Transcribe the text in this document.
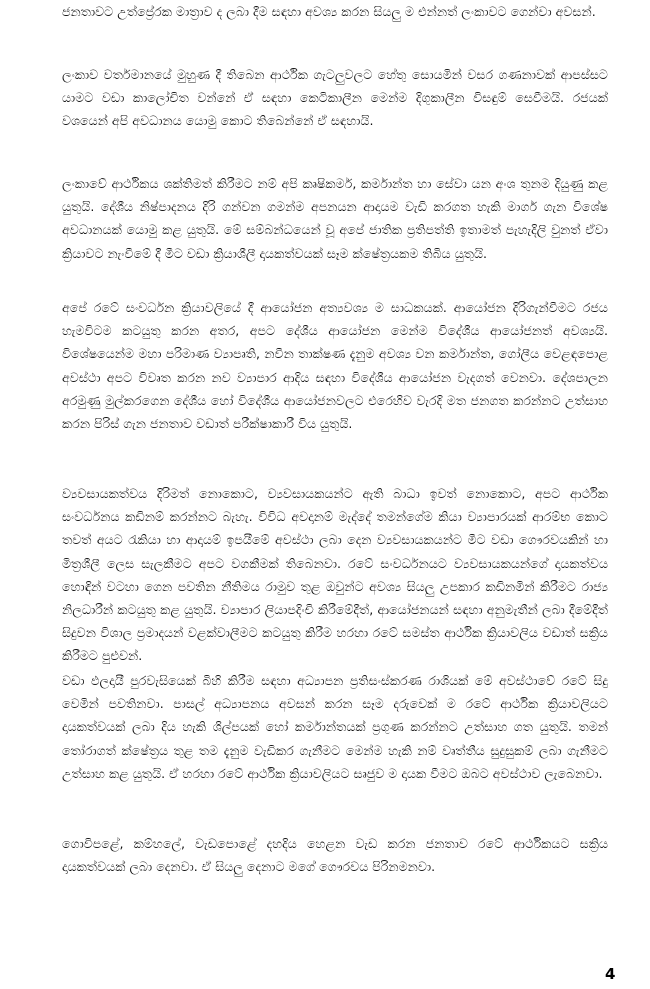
ජනතාවට උත්ප්‍රේරක මාත්‍රාව ද ලබා දීම සඳහා අවශ්‍ය කරන සියලු ම එන්නත් ලංකාවට ගෙන්වා අවසන්.

ලංකාව වර්තමානයේ මුහුණ දී තිබෙන ආර්ථික ගැටලුවලට හේතු සොයමින් වසර ගණනාවක් ආපස්සට යාමට වඩා කාලෝචිත වන්නේ ඒ සඳහා කෙටිකාලීන මෙන්ම දිගුකාලීන විසඳුම් සෙවීමයි. රජයක් වශයෙන් අපි අවධානය යොමු කොට තිබෙන්නේ ඒ සඳහායි.

ලංකාවේ ආර්ථිකය ශක්තිමත් කිරීමට නම් අපි කෘෂිකර්ම, කර්මාන්ත හා සේවා යන අංශ තුනම දියුණු කළ යුතුයි. දේශීය නිෂ්පාදනය දිරි ගන්වන ගමන්ම අපනයන ආදායම වැඩි කරගත හැකි මාර්ග ගැන විශේෂ අවධානයක් යොමු කළ යුතුයි. මේ සම්බන්ධයෙන් වූ අපේ ජාතික ප්‍රතිපත්ති ඉතාමත් පැහැදිලි වුනත් ඒවා ක්‍රියාවට නැංවීමේ දී මීට වඩා ක්‍රියාශීලී දායකත්වයක් සෑම ක්ෂේත්‍රයකම තිබිය යුතුයි.

අපේ රටේ සංවර්ධන ක්‍රියාවලියේ දී ආයෝජන අත්‍යවශ්‍ය ම සාධකයක්. ආයෝජන දිරිගැන්වීමට රජය හැමවිටම කටයුතු කරන අතර, අපට දේශීය ආයෝජන මෙන්ම විදේශීය ආයෝජනත් අවශ්‍යයි. විශේෂයෙන්ම මහා පරිමාණ ව්‍යාපෘති, නවීන තාක්ෂණ දැනුම අවශ්‍ය වන කර්මාන්ත, ගෝලීය වෙළඳපොළ අවස්ථා අපට විවෘත කරන නව ව්‍යාපාර ආදිය සඳහා විදේශීය ආයෝජන වැදගත් වෙනවා. දේශපාලන අරමුණු මුල්කරගෙන දේශීය හෝ විදේශීය ආයෝජනවලට එරෙහිව වැරදි මත ජනගත කරන්නට උත්සාහ කරන පිරිස් ගැන ජනතාව වඩාත් පරීක්ෂාකාරී විය යුතුයි.

ව්‍යවසායකත්වය දිරිමත් නොකොට, ව්‍යවසායකයන්ට ඇති බාධා ඉවත් නොකොට, අපට ආර්ථික සංවර්ධනය කඩිනම් කරන්නට බැහැ. විවිධ අවදානම් මැද්දේ තමන්ගේම කියා ව්‍යාපාරයක් ආරම්භ කොට තවත් අයට රැකියා හා ආදායම් ඉපයීමේ අවස්ථා ලබා දෙන ව්‍යවසායකයන්ට මීට වඩා ගෞරවයකින් හා මිත්‍රශීලී ලෙස සැලකීමට අපට වගකීමක් තිබෙනවා. රටේ සංවර්ධනයට ව්‍යවසායකයන්ගේ දායකත්වය හොඳින් වටහා ගෙන පවතින නීතිමය රාමුව තුළ ඔවුන්ට අවශ්‍ය සියලු උපකාර කඩිනමින් කිරීමට රාජ්‍ය නිලධාරීන් කටයුතු කළ යුතුයි. ව්‍යාපාර ලියාපදිංචි කිරීමේදීත්, ආයෝජනයන් සඳහා අනුමැතීන් ලබා දීමේදීත් සිදුවන විශාල ප්‍රමාදයන් වළක්වාලීමට කටයුතු කිරීම හරහා රටේ සමස්ත ආර්ථික ක්‍රියාවලිය වඩාත් සක්‍රිය කිරීමට පුළුවන්.

වඩා ඵලදායී පුරවැසියෙක් බිහි කිරීම සඳහා අධ්‍යාපන ප්‍රතිසංස්කරණ රාශියක් මේ අවස්ථාවේ රටේ සිදු වෙමින් පවතිනවා. පාසල් අධ්‍යාපනය අවසන් කරන සෑම දරුවෙක් ම රටේ ආර්ථික ක්‍රියාවලියට දායකත්වයක් ලබා දිය හැකි ශිල්පයක් හෝ කර්මාන්තයක් ප්‍රගුණ කරන්නට උත්සාහ ගත යුතුයි. තමන් තෝරාගත් ක්ෂේත්‍රය තුළ තම දැනුම වැඩිකර ගැනීමට මෙන්ම හැකි නම් වෘත්තීය සුදුසුකම් ලබා ගැනීමට උත්සාහ කළ යුතුයි. ඒ හරහා රටේ ආර්ථික ක්‍රියාවලියට සෘජුව ම දායක වීමට ඔබට අවස්ථාව ලැබෙනවා.

ගොවිපළේ, කම්හලේ, වැඩපොළේ දහදිය හෙළන වැඩ කරන ජනතාව රටේ ආර්ථිකයට සක්‍රිය දායකත්වයක් ලබා දෙනවා. ඒ සියලු දෙනාට මගේ ගෞරවය පිරිනමනවා.

4
